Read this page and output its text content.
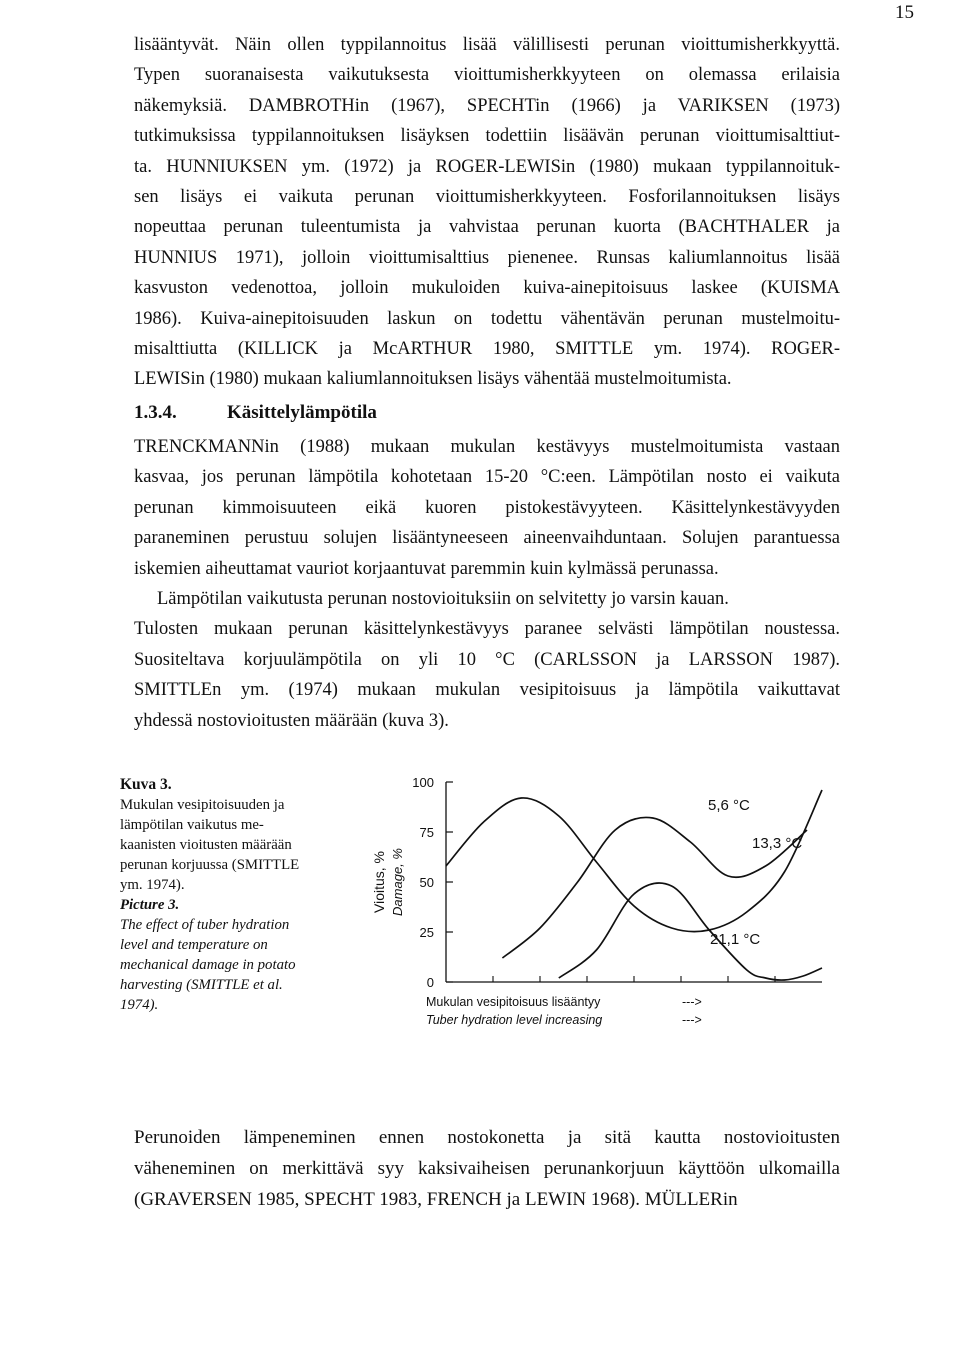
15
lisääntyvät. Näin ollen typpilannoitus lisää välillisesti perunan vioittumisherkkyyttä.
Typen suoranaisesta vaikutuksesta vioittumisherkkyyteen on olemassa erilaisia
näkemyksiä. DAMBROTHin (1967), SPECHTin (1966) ja VARIKSEN (1973)
tutkimuksissa typpilannoituksen lisäyksen todettiin lisäävän perunan vioittumisalttiut-
ta. HUNNIUKSEN ym. (1972) ja ROGER-LEWISin (1980) mukaan typpilannoituk-
sen lisäys ei vaikuta perunan vioittumisherkkyyteen. Fosforilannoituksen lisäys
nopeuttaa perunan tuleentumista ja vahvistaa perunan kuorta (BACHTHALER ja
HUNNIUS 1971), jolloin vioittumisalttius pienenee. Runsas kaliumlannoitus lisää
kasvuston vedenottoa, jolloin mukuloiden kuiva-ainepitoisuus laskee (KUISMA
1986). Kuiva-ainepitoisuuden laskun on todettu vähentävän perunan mustelmoitu-
misalttiutta (KILLICK ja McARTHUR 1980, SMITTLE ym. 1974). ROGER-
LEWISin (1980) mukaan kaliumlannoituksen lisäys vähentää mustelmoitumista.
1.3.4.	Käsittelylämpötila
TRENCKMANNin (1988) mukaan mukulan kestävyys mustelmoitumista vastaan
kasvaa, jos perunan lämpötila kohotetaan 15-20 °C:een. Lämpötilan nosto ei vaikuta
perunan kimmoisuuteen eikä kuoren pistokestävyyteen. Käsittelynkestävyyden
paraneminen perustuu solujen lisääntyneeseen aineenvaihduntaan. Solujen parantuessa
iskemien aiheuttamat vauriot korjaantuvat paremmin kuin kylmässä perunassa.
Lämpötilan vaikutusta perunan nostovioituksiin on selvitetty jo varsin kauan.
Tulosten mukaan perunan käsittelynkestävyys paranee selvästi lämpötilan noustessa.
Suositeltava korjuulämpötila on yli 10 °C (CARLSSON ja LARSSON 1987).
SMITTLEn ym. (1974) mukaan mukulan vesipitoisuus ja lämpötila vaikuttavat
yhdessä nostovioitusten määrään (kuva 3).
Kuva 3.
Mukulan vesipitoisuuden ja
lämpötilan vaikutus me-
kaanisten vioitusten määrään
perunan korjuussa (SMITTLE
ym. 1974).
Picture 3.
The effect of tuber hydration
level and temperature on
mechanical damage in potato
harvesting (SMITTLE et al.
1974).
100
75
50
25
0
Vioitus, % Damage, %
Mukulan vesipitoisuus lisääntyy	--->
Tuber hydration level increasing	--->
5,6 °C
13,3 °C
21,1 °C
Perunoiden lämpeneminen ennen nostokonetta ja sitä kautta nostovioitusten
väheneminen on merkittävä syy kaksivaiheisen perunankorjuun käyttöön ulkomailla
(GRAVERSEN 1985, SPECHT 1983, FRENCH ja LEWIN 1968). MÜLLERin
